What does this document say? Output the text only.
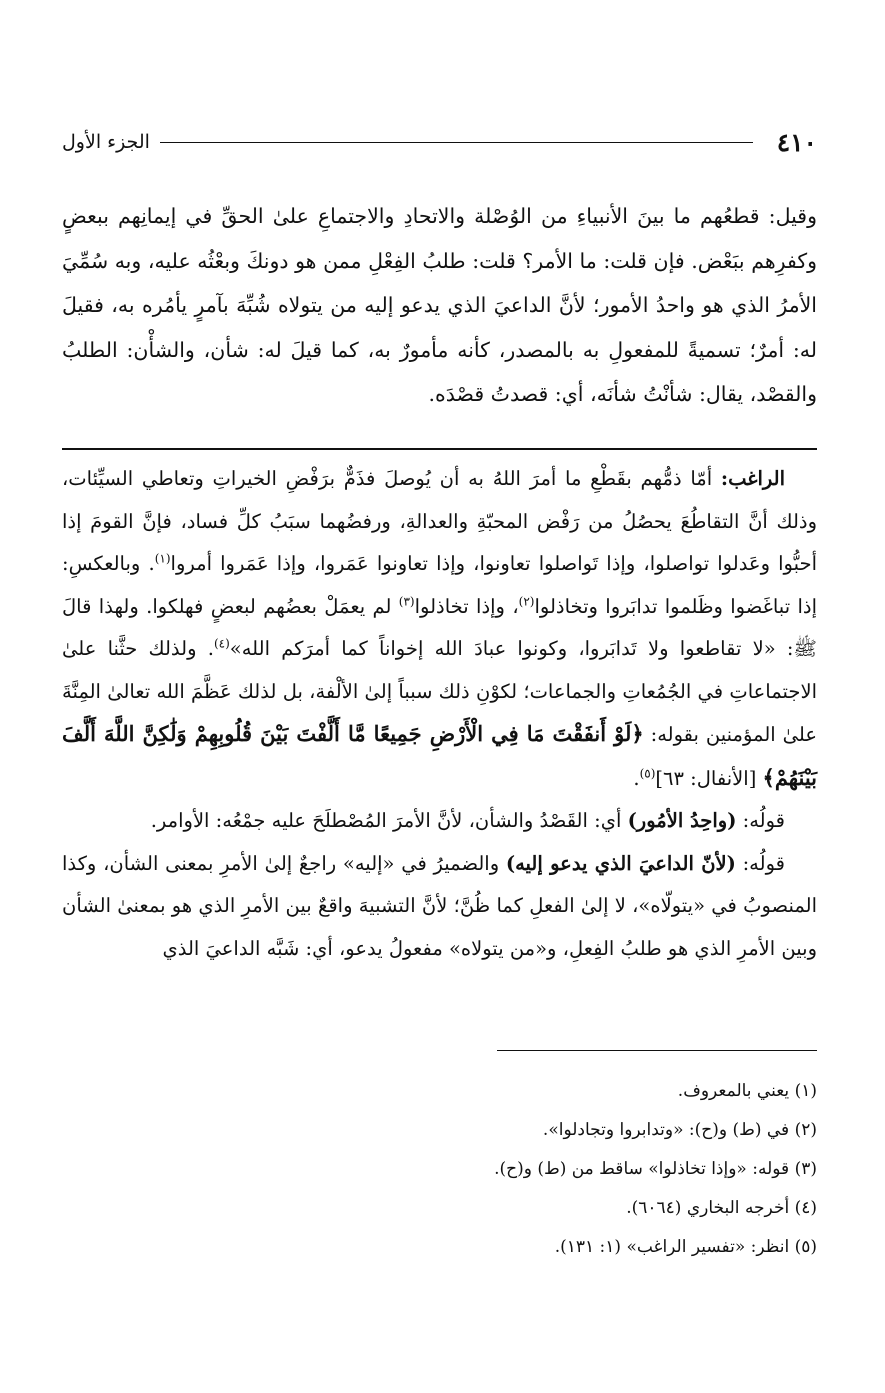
٤١٠
الجزء الأول
وقيل: قطعُهم ما بينَ الأنبياءِ من الوُصْلة والاتحادِ والاجتماعِ علىٰ الحقِّ في إيمانِهم ببعضٍ وكفرِهم ببَعْض. فإن قلت: ما الأمر؟ قلت: طلبُ الفِعْلِ ممن هو دونكَ وبعْثُه عليه، وبه سُمِّيَ الأمرُ الذي هو واحدُ الأمور؛ لأنَّ الداعيَ الذي يدعو إليه من يتولاه شُبِّهَ بآمرٍ يأمُره به، فقيلَ له: أمرٌ؛ تسميةً للمفعولِ به بالمصدر، كأنه مأمورٌ به، كما قيلَ له: شأن، والشأْن: الطلبُ والقصْد، يقال: شأنْتُ شأنَه، أي: قصدتُ قصْدَه.

الراغب: أمّا ذمُّهم بقَطْعِ ما أمرَ اللهُ به أن يُوصلَ فذَمٌّ برَفْضِ الخيراتِ وتعاطي السيِّئات، وذلك أنَّ التقاطُعَ يحصُلُ من رَفْض المحبّةِ والعدالةِ، ورفضُهما سبَبُ كلِّ فساد، فإنَّ القومَ إذا أحبُّوا وعَدلوا تواصلوا، وإذا تَواصلوا تعاونوا، وإذا تعاونوا عَمَروا، وإذا عَمَروا أمروا$^{(١)}$. وبالعكسِ: إذا تباغَضوا وظَلموا تدابَروا وتخاذلوا$^{(٢)}$، وإذا تخاذلوا$^{(٣)}$ لم يعمَلْ بعضُهم لبعضٍ فهلكوا. ولهذا قالَ ﷺ: «لا تقاطعوا ولا تَدابَروا، وكونوا عبادَ الله إخواناً كما أمرَكم الله»$^{(٤)}$. ولذلك حثَّنا علىٰ الاجتماعاتِ في الجُمُعاتِ والجماعات؛ لكوْنِ ذلك سبباً إلىٰ الألْفة، بل لذلك عَظَّمَ الله تعالىٰ المِنَّةَ علىٰ المؤمنين بقوله: ﴿لَوْ أَنفَقْتَ مَا فِي الْأَرْضِ جَمِيعًا مَّا أَلَّفْتَ بَيْنَ قُلُوبِهِمْ وَلَٰكِنَّ اللَّهَ أَلَّفَ بَيْنَهُمْ﴾ [الأنفال: ٦٣]$^{(٥)}$.

قولُه: (واحِدُ الأمُور) أي: القَصْدُ والشأن، لأنَّ الأمرَ المُصْطلَحَ عليه جمْعُه: الأوامر.

قولُه: (لأنّ الداعيَ الذي يدعو إليه) والضميرُ في «إليه» راجعٌ إلىٰ الأمرِ بمعنى الشأن، وكذا المنصوبُ في «يتولّاه»، لا إلىٰ الفعلِ كما ظُنَّ؛ لأنَّ التشبيهَ واقعٌ بين الأمرِ الذي هو بمعنىٰ الشأن وبين الأمرِ الذي هو طلبُ الفِعلِ، و«من يتولاه» مفعولُ يدعو، أي: شَبَّه الداعيَ الذي

(١) يعني بالمعروف.
(٢) في (ط) و(ح): «وتدابروا وتجادلوا».
(٣) قوله: «وإذا تخاذلوا» ساقط من (ط) و(ح).
(٤) أخرجه البخاري (٦٠٦٤).
(٥) انظر: «تفسير الراغب» (١: ١٣١).
